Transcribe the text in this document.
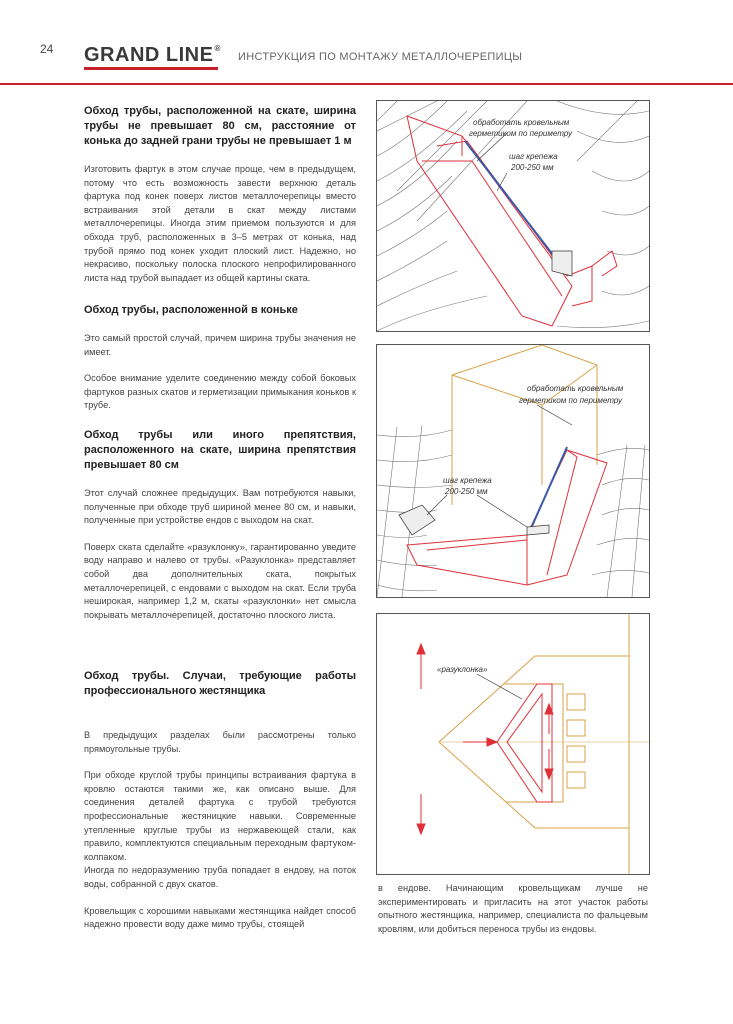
24 GRAND LINE®
ИНСТРУКЦИЯ ПО МОНТАЖУ МЕТАЛЛОЧЕРЕПИЦЫ
Обход трубы, расположенной на скате, ширина трубы не превышает 80 см, расстояние от конька до задней грани трубы не превышает 1 м

Изготовить фартук в этом случае проще, чем в предыдущем, потому что есть возможность завести верхнюю деталь фартука под конек поверх листов металлочерепицы вместо встраивания этой детали в скат между листами металлочерепицы. Иногда этим приемом пользуются и для обхода труб, расположенных в 3–5 метрах от конька, над трубой прямо под конек уходит плоский лист. Надежно, но некрасиво, поскольку полоска плоского непрофилированного листа над трубой выпадает из общей картины ската.

Обход трубы, расположенной в коньке

Это самый простой случай, причем ширина трубы значения не имеет.

Особое внимание уделите соединению между собой боковых фартуков разных скатов и герметизации примыкания коньков к трубе.

Обход трубы или иного препятствия, расположенного на скате, ширина препятствия превышает 80 см

Этот случай сложнее предыдущих. Вам потребуются навыки, полученные при обходе труб шириной менее 80 см, и навыки, полученные при устройстве ендов с выходом на скат.

Поверх ската сделайте «разуклонку», гарантированно уведите воду направо и налево от трубы. «Разуклонка» представляет собой два дополнительных ската, покрытых металлочерепицей, с ендовами с выходом на скат. Если труба неширокая, например 1,2 м, скаты «разуклонки» нет смысла покрывать металлочерепицей, достаточно плоского листа.

Обход трубы. Случаи, требующие работы профессионального жестянщика

В предыдущих разделах были рассмотрены только прямоугольные трубы.

При обходе круглой трубы принципы встраивания фартука в кровлю остаются такими же, как описано выше. Для соединения деталей фартука с трубой требуются профессиональные жестяницкие навыки. Современные утепленные круглые трубы из нержавеющей стали, как правило, комплектуются специальным переходным фартуком-колпаком.

Иногда по недоразумению труба попадает в ендову, на поток воды, собранной с двух скатов.

Кровельщик с хорошими навыками жестянщика найдет способ надежно провести воду даже мимо трубы, стоящей

в ендове. Начинающим кровельщикам лучше не экспериментировать и пригласить на этот участок работы опытного жестянщика, например, специалиста по фальцевым кровлям, или добиться переноса трубы из ендовы.

обработать кровельным
герметиком по периметру
шаг крепежа
200-250 мм
обработать кровельным
герметиком по периметру
шаг крепежа
200-250 мм
«разуклонка»
